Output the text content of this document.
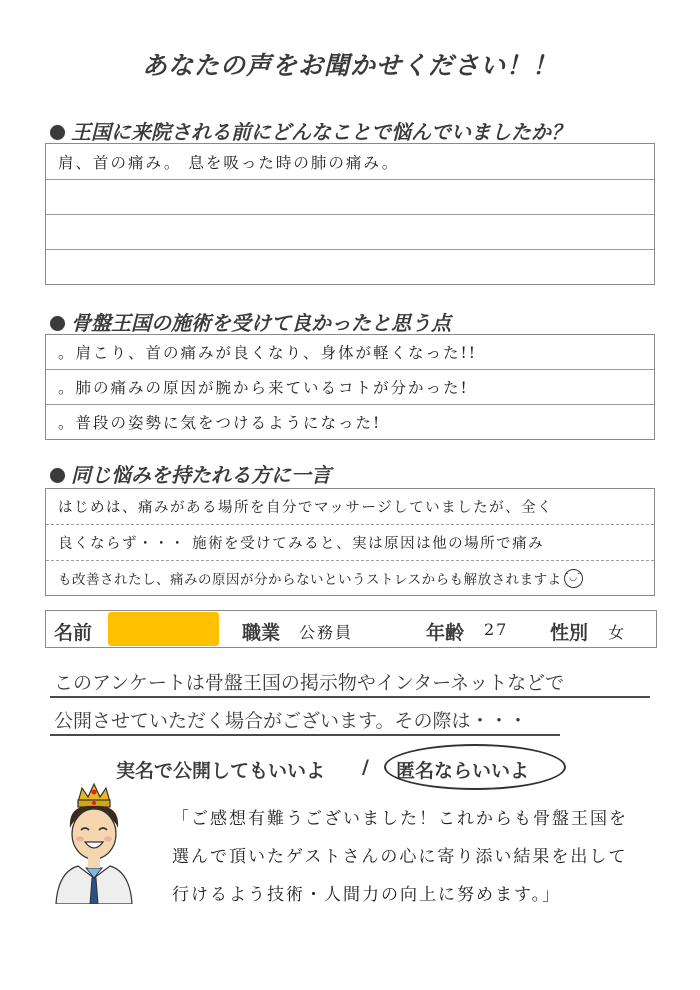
あなたの声をお聞かせください！！
王国に来院される前にどんなことで悩んでいましたか？
肩、首の痛み。 息を吸った時の肺の痛み。
骨盤王国の施術を受けて良かったと思う点
。肩こり、首の痛みが良くなり、身体が軽くなった!!
。肺の痛みの原因が腕から来ているコトが分かった!
。普段の姿勢に気をつけるようになった!
同じ悩みを持たれる方に一言
はじめは、痛みがある場所を自分でマッサージしていましたが、全く
良くならず・・・ 施術を受けてみると、実は原因は他の場所で痛み
も改善されたし、痛みの原因が分からないというストレスからも解放されますよ ˘◡˘
名前	職業 公務員	年齢 27 性別 女
このアンケートは骨盤王国の掲示物やインターネットなどで
公開させていただく場合がございます。その際は・・・
実名で公開してもいいよ / 匿名ならいいよ
「ご感想有難うございました！これからも骨盤王国を
選んで頂いたゲストさんの心に寄り添い結果を出して
行けるよう技術・人間力の向上に努めます。」
